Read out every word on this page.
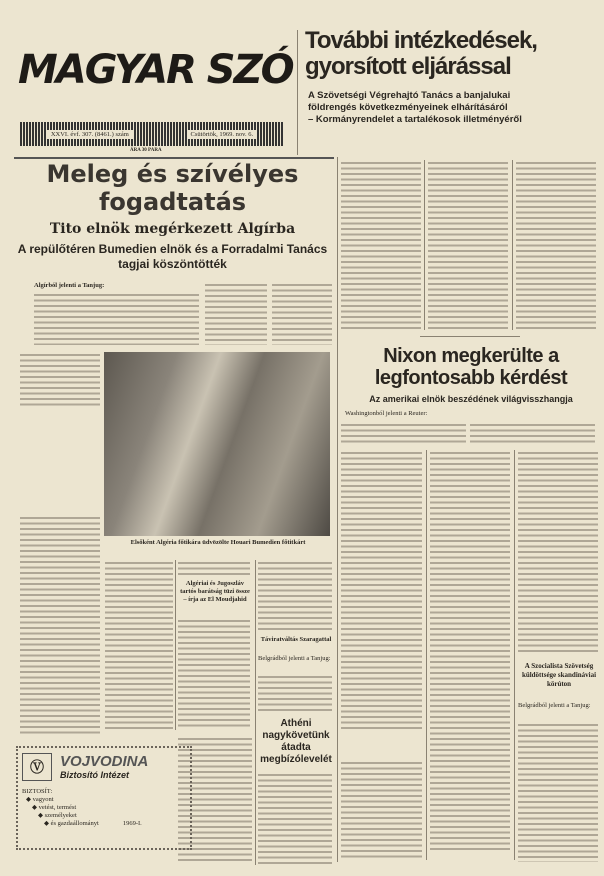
MAGYAR SZÓ
XXVI. évf. 307. (8461.) szám	Csütörtök, 1969. nov. 6.
ÁRA 30 PARA
További intézkedések, gyorsított eljárással
A Szövetségi Végrehajtó Tanács a banjalukai
földrengés következményeinek elhárításáról
– Kormányrendelet a tartalékosok illetményéről
Meleg és szívélyes fogadtatás
Tito elnök megérkezett Algírba
A repülőtéren Bumedien elnök és a Forradalmi Tanács tagjai köszöntötték
Algírból jelenti a Tanjug:
Elsőként Algéria főtikára üdvözölte Houari Bumedien főtitkárt
Algériai és Jugoszláv tartós barátság tüzi össze – írja az El Moudjahid
Táviratváltás Szaragattal
Belgrádból jelenti a Tanjug:
Athéni nagykövetünk átadta megbízólevelét
Ⓥ	VOJVODINA
Biztosító Intézet
BIZTOSÍT:
◆ vagyont
◆ vetést, termést
◆ személyeket
◆ és gazdaállományt	1969-I.
Nixon megkerülte a legfontosabb kérdést
Az amerikai elnök beszédének világvisszhangja
Washingtonból jelenti a Reuter:
A Szocialista Szövetség küldöttsége skandináviai körúton
Belgrádból jelenti a Tanjug:
